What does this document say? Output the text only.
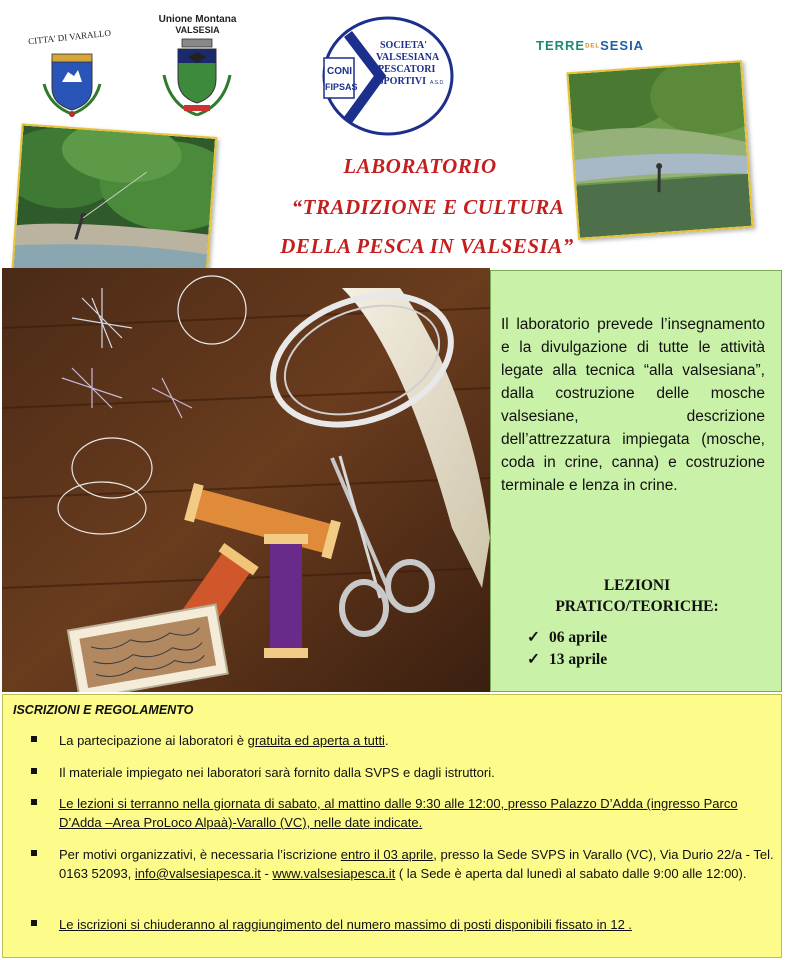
CITTA' DI VARALLO
Unione Montana
VALSESIA
CONI
FIPSAS
SOCIETA'
VALSESIANA
PESCATORI
SPORTIVI A.S.D.
TERREDELSESIA
LABORATORIO
“TRADIZIONE E CULTURA
DELLA PESCA IN VALSESIA”
Il laboratorio prevede l’insegnamento e la divulgazione di tutte le attività legate alla tecnica “alla valsesiana”, dalla costruzione delle mosche valsesiane, descrizione dell’attrezzatura impiegata (mosche, coda in crine, canna) e costruzione terminale e lenza in crine.
LEZIONI
PRATICO/TEORICHE:
✓ 06 aprile
✓ 13 aprile
ISCRIZIONI E REGOLAMENTO
La partecipazione ai laboratori è gratuita ed aperta a tutti.
Il materiale impiegato nei laboratori sarà fornito dalla SVPS e dagli istruttori.
Le lezioni si terranno nella giornata di sabato, al mattino dalle 9:30 alle 12:00, presso Palazzo D’Adda (ingresso Parco D’Adda –Area ProLoco Alpaà)-Varallo (VC), nelle date indicate.
Per motivi organizzativi, è necessaria l’iscrizione entro il 03 aprile, presso la Sede SVPS in Varallo (VC), Via Durio 22/a - Tel. 0163 52093, info@valsesiapesca.it - www.valsesiapesca.it ( la Sede è aperta dal lunedì al sabato dalle 9:00 alle 12:00).
Le iscrizioni si chiuderanno al raggiungimento del numero massimo di posti disponibili fissato in 12 .
